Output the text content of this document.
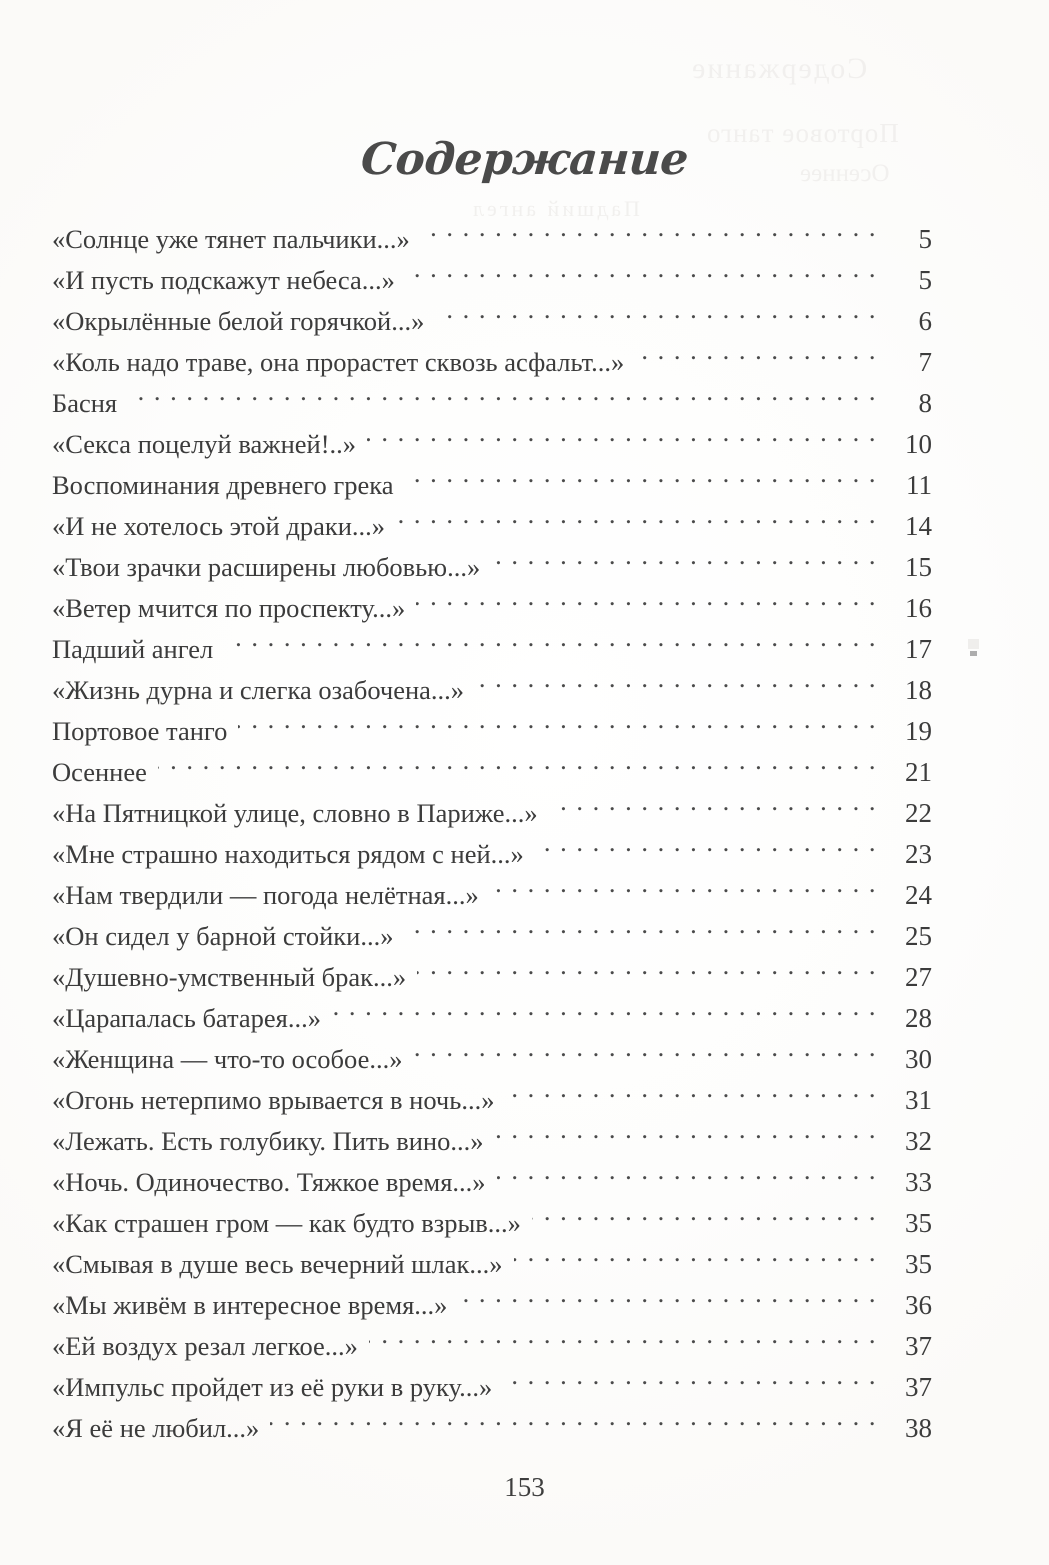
Содержание
Портовое танго
Осеннее
Падший ангел
Содержание
«Солнце уже тянет пальчики...» . . .	5
«И пусть подскажут небеса...» . . .	5
«Окрылённые белой горячкой...» . . .	6
«Коль надо траве, она прорастет сквозь асфальт...» . . .	7
Басня . . .	8
«Секса поцелуй важней!..» . . .	10
Воспоминания древнего грека . . .	11
«И не хотелось этой драки...» . . .	14
«Твои зрачки расширены любовью...» . . .	15
«Ветер мчится по проспекту...» . . .	16
Падший ангел . . .	17
«Жизнь дурна и слегка озабочена...» . . .	18
Портовое танго . . .	19
Осеннее . . .	21
«На Пятницкой улице, словно в Париже...» . . .	22
«Мне страшно находиться рядом с ней...» . . .	23
«Нам твердили — погода нелётная...» . . .	24
«Он сидел у барной стойки...» . . .	25
«Душевно-умственный брак...» . . .	27
«Царапалась батарея...» . . .	28
«Женщина — что-то особое...» . . .	30
«Огонь нетерпимо врывается в ночь...» . . .	31
«Лежать. Есть голубику. Пить вино...» . . .	32
«Ночь. Одиночество. Тяжкое время...» . . .	33
«Как страшен гром — как будто взрыв...» . . .	35
«Смывая в душе весь вечерний шлак...» . . .	35
«Мы живём в интересное время...» . . .	36
«Ей воздух резал легкое...» . . .	37
«Импульс пройдет из её руки в руку...» . . .	37
«Я её не любил...» . . .	38
153
